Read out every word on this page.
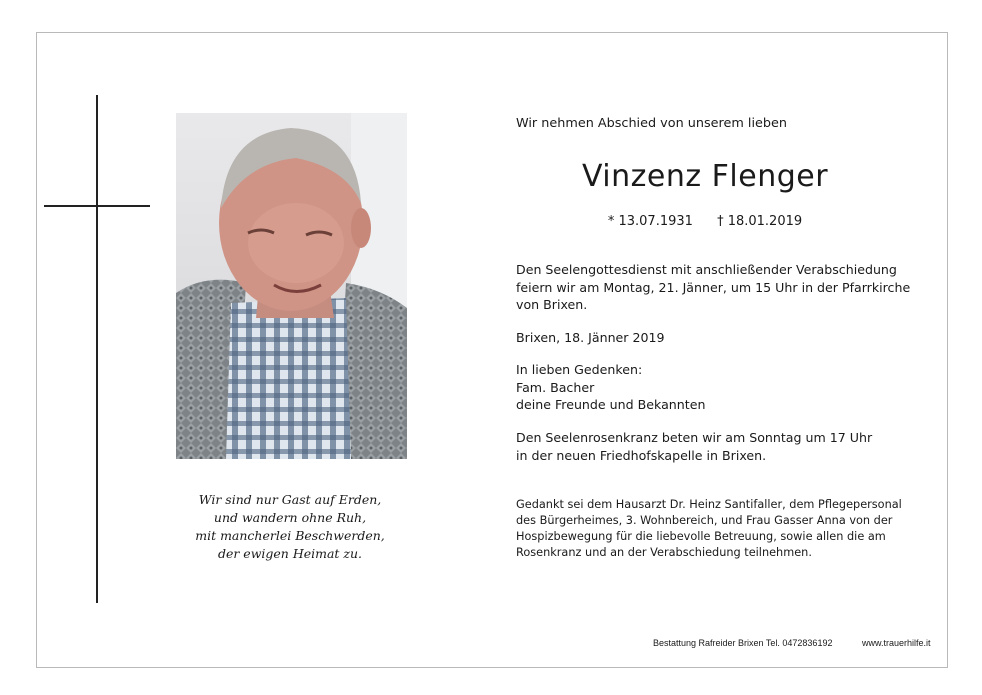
Wir sind nur Gast auf Erden,
und wandern ohne Ruh,
mit mancherlei Beschwerden,
der ewigen Heimat zu.
Wir nehmen Abschied von unserem lieben
Vinzenz Flenger
* 13.07.1931 † 18.01.2019
Den Seelengottesdienst mit anschließender Verabschiedung
feiern wir am Montag, 21. Jänner, um 15 Uhr in der Pfarrkirche
von Brixen.
Brixen, 18. Jänner 2019
In lieben Gedenken:
Fam. Bacher
deine Freunde und Bekannten
Den Seelenrosenkranz beten wir am Sonntag um 17 Uhr
in der neuen Friedhofskapelle in Brixen.
Gedankt sei dem Hausarzt Dr. Heinz Santifaller, dem Pflegepersonal
des Bürgerheimes, 3. Wohnbereich, und Frau Gasser Anna von der
Hospizbewegung für die liebevolle Betreuung, sowie allen die am
Rosenkranz und an der Verabschiedung teilnehmen.
Bestattung Rafreider Brixen Tel. 0472836192	www.trauerhilfe.it
